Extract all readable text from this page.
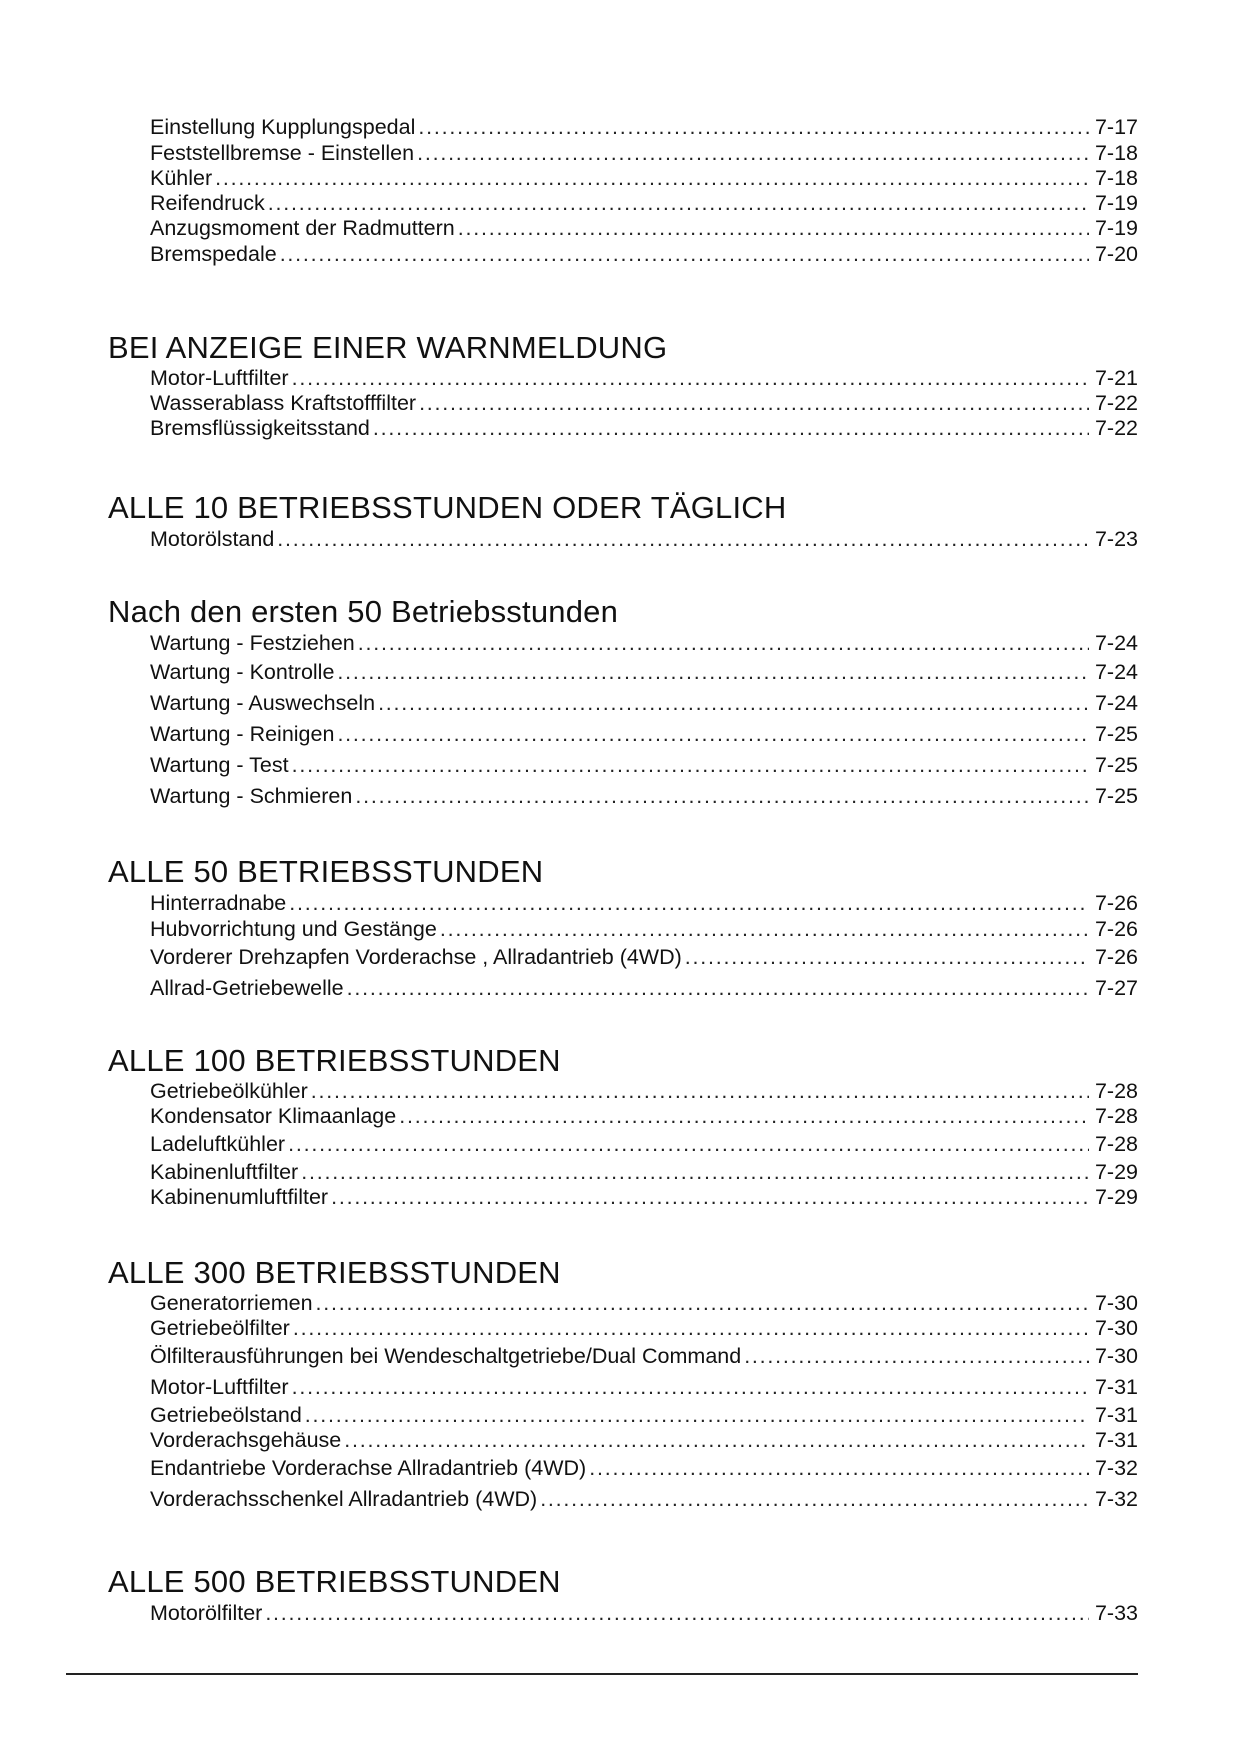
Einstellung Kupplungspedal . . .	7-17
Feststellbremse - Einstellen . . .	7-18
Kühler . . .	7-18
Reifendruck . . .	7-19
Anzugsmoment der Radmuttern . . .	7-19
Bremspedale . . .	7-20
BEI ANZEIGE EINER WARNMELDUNG
Motor-Luftfilter . . .	7-21
Wasserablass Kraftstofffilter . . .	7-22
Bremsflüssigkeitsstand . . .	7-22
ALLE 10 BETRIEBSSTUNDEN ODER TÄGLICH
Motorölstand . . .	7-23
Nach den ersten 50 Betriebsstunden
Wartung - Festziehen . . .	7-24
Wartung - Kontrolle . . .	7-24
Wartung - Auswechseln . . .	7-24
Wartung - Reinigen . . .	7-25
Wartung - Test . . .	7-25
Wartung - Schmieren . . .	7-25
ALLE 50 BETRIEBSSTUNDEN
Hinterradnabe . . .	7-26
Hubvorrichtung und Gestänge . . .	7-26
Vorderer Drehzapfen Vorderachse , Allradantrieb (4WD) . . .	7-26
Allrad-Getriebewelle . . .	7-27
ALLE 100 BETRIEBSSTUNDEN
Getriebeölkühler . . .	7-28
Kondensator Klimaanlage . . .	7-28
Ladeluftkühler . . .	7-28
Kabinenluftfilter . . .	7-29
Kabinenumluftfilter . . .	7-29
ALLE 300 BETRIEBSSTUNDEN
Generatorriemen . . .	7-30
Getriebeölfilter . . .	7-30
Ölfilterausführungen bei Wendeschaltgetriebe/Dual Command . . .	7-30
Motor-Luftfilter . . .	7-31
Getriebeölstand . . .	7-31
Vorderachsgehäuse . . .	7-31
Endantriebe Vorderachse Allradantrieb (4WD) . . .	7-32
Vorderachsschenkel Allradantrieb (4WD) . . .	7-32
ALLE 500 BETRIEBSSTUNDEN
Motorölfilter . . .	7-33
